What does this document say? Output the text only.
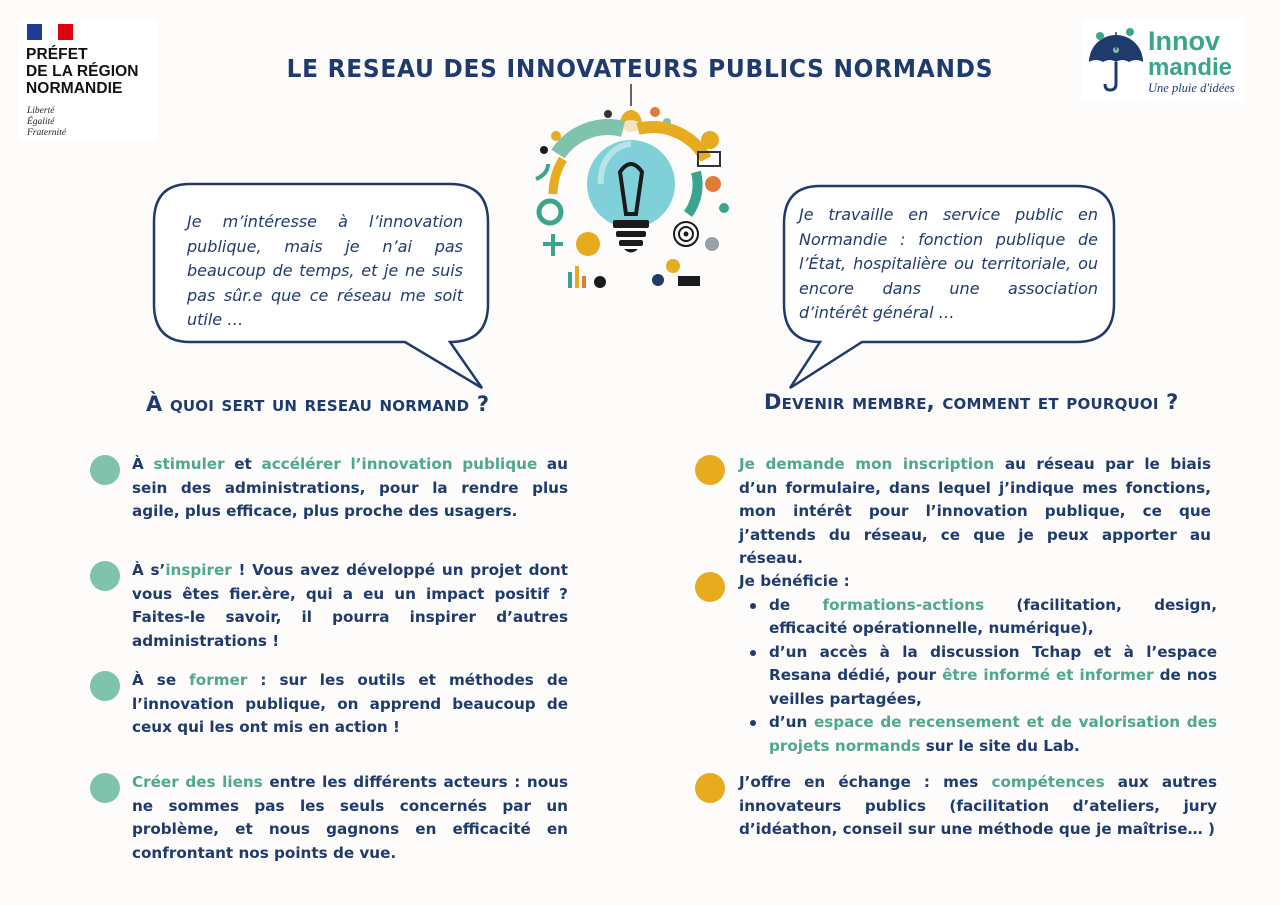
PRÉFET
DE LA RÉGION
NORMANDIE
Liberté
Égalité
Fraternité
Innov
mandie
Une pluie d'idées
LE RESEAU DES INNOVATEURS PUBLICS NORMANDS
Je m’intéresse à l’innovation publique, mais je n’ai pas beaucoup de temps, et je ne suis pas sûr.e que ce réseau me soit utile …
Je travaille en service public en Normandie : fonction publique de l’État, hospitalière ou territoriale, ou encore dans une association d’intérêt général …
À quoi sert un reseau normand ?	Devenir membre, comment et pourquoi ?
À stimuler et accélérer l’innovation publique au sein des administrations, pour la rendre plus agile, plus efficace, plus proche des usagers.
À s’inspirer ! Vous avez développé un projet dont vous êtes fier.ère, qui a eu un impact positif ? Faites-le savoir, il pourra inspirer d’autres administrations !
À se former : sur les outils et méthodes de l’innovation publique, on apprend beaucoup de ceux qui les ont mis en action !
Créer des liens entre les différents acteurs : nous ne sommes pas les seuls concernés par un problème, et nous gagnons en efficacité en confrontant nos points de vue.
Je demande mon inscription au réseau par le biais d’un formulaire, dans lequel j’indique mes fonctions, mon intérêt pour l’innovation publique, ce que j’attends du réseau, ce que je peux apporter au réseau.
Je bénéficie :
de formations-actions (facilitation, design, efficacité opérationnelle, numérique),
d’un accès à la discussion Tchap et à l’espace Resana dédié, pour être informé et informer de nos veilles partagées,
d’un espace de recensement et de valorisation des projets normands sur le site du Lab.
J’offre en échange : mes compétences aux autres innovateurs publics (facilitation d’ateliers, jury d’idéathon, conseil sur une méthode que je maîtrise… )
